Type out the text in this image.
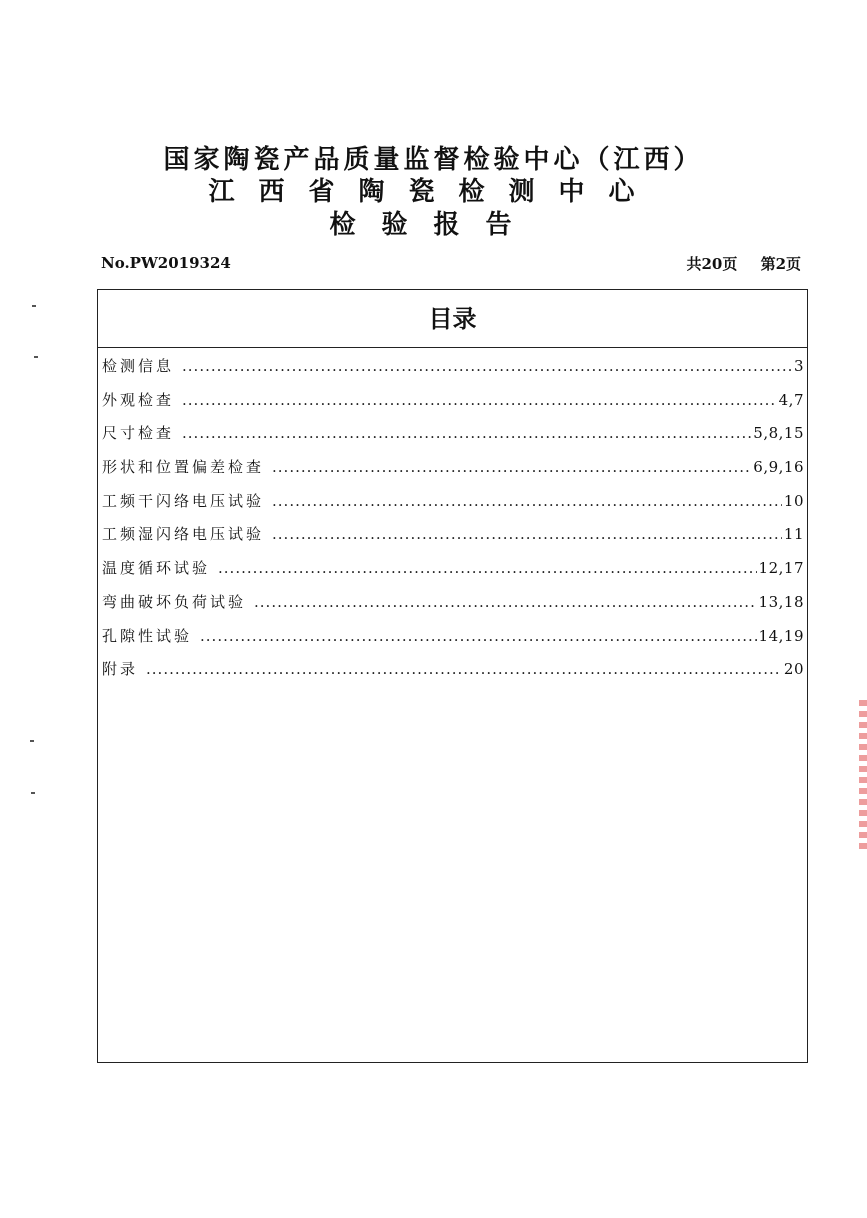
国家陶瓷产品质量监督检验中心（江西）
江西省陶瓷检测中心
检验报告
No.PW2019324	共20页 第2页
目录
检测信息 .....	3
外观检查 .....	4,7
尺寸检查 .....	5,8,15
形状和位置偏差检查 .....	6,9,16
工频干闪络电压试验 .....	10
工频湿闪络电压试验 .....	11
温度循环试验 .....	12,17
弯曲破坏负荷试验 .....	13,18
孔隙性试验 .....	14,19
附录 .....	20
